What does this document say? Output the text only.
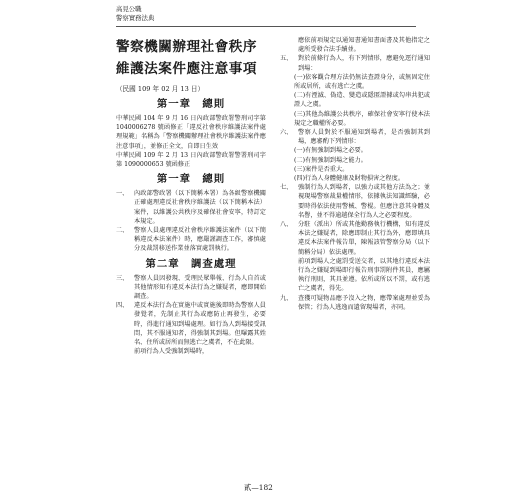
高見公職
警察實務法典
警察機關辦理社會秩序維護法案件應注意事項
（民國 109 年 02 月 13 日）
第一章　總則
中華民國 104 年 9 月 16 日內政部警政署警刑司字第 1040006278 號函修正「違反社會秩序維護法案件處理規範」名稱為「警察機關辦理社會秩序維護法案件應注意事項」，並修正全文，自即日生效
中華民國 109 年 2 月 13 日內政部警政署警署刑司字第 1090000653 號函修正
第一章　總則
一、 內政部警政署（以下簡稱本署）為各級警察機關正確處理違反社會秩序維護法（以下簡稱本法）案件，以維護公共秩序及確保社會安寧，特訂定本規定。
二、 警察人員處理違反社會秩序維護法案件（以下簡稱違反本法案件）時，應嚴謹調查工作，審慎處分及裁罰移送作業並落實處罰執行。
第二章　調查處理
三、 警察人員因發現、受理民眾舉報、行為人自首或其他情形知有違反本法行為之嫌疑者，應即開始調查。
四、 違反本法行為在實施中或實施後即時為警察人員發覺者，先制止其行為或應防止再發生，必要時，得進行通知到場處理。如行為人到場接受訊問，其不服通知者，得強制其到場。但曝露其姓名、住所或居所而無逃亡之虞者，不在此限。
前項行為人受強制到場時，
應依前項規定以通知書通知書面書及其他指定之處所受發合法手續並。
五、 對於前條行為人，有下列情形，應避免逕行通知到場：
(一)依客觀合理方法仍無法查證身分，或無固定住所或居所，或有逃亡之虞。
(二)有湮滅、偽造、變造或隱匿證據或勾串共犯或證人之虞。
(三)其他為維護公共秩序，確保社會安寧行使本法規定之職權所必要。
六、 警察人員對於不服通知到場者，是否強制其到場，應審酌下列情形：
(一)有無強制到場之必要。
(二)有無強制到場之能力。
(三)案件是否重大。
(四)行為人身體健康及財物損害之程度。
七、 強制行為人到場者，以強力或其他方法為之；並視現場警察裁量權情形，依據執法知識經驗，必要時得依法使用警械、警棍。但應注意其身體及名譽，並不得逾越保全行為人之必要程度。
八、 分駐（派出）所或其他勤務執行機構，知有違反本法之嫌疑者，除應即制止其行為外，應即填具違反本法案件報告單，陳報該管警察分局（以下簡稱分局）依法處理。
前項到場人之處罰受送交者，以其地行違反本法行為之嫌疑到場即行報告刑事罰附件其員，應屬執行刑則，其具並遵。依所或所以不罰，或有逃亡之虞者，得先。
九、 查獲可疑物品應予沒入之物，應帶案處理並妥為保管；行為人逃逸而遺留現場者，亦同。
貳—182
